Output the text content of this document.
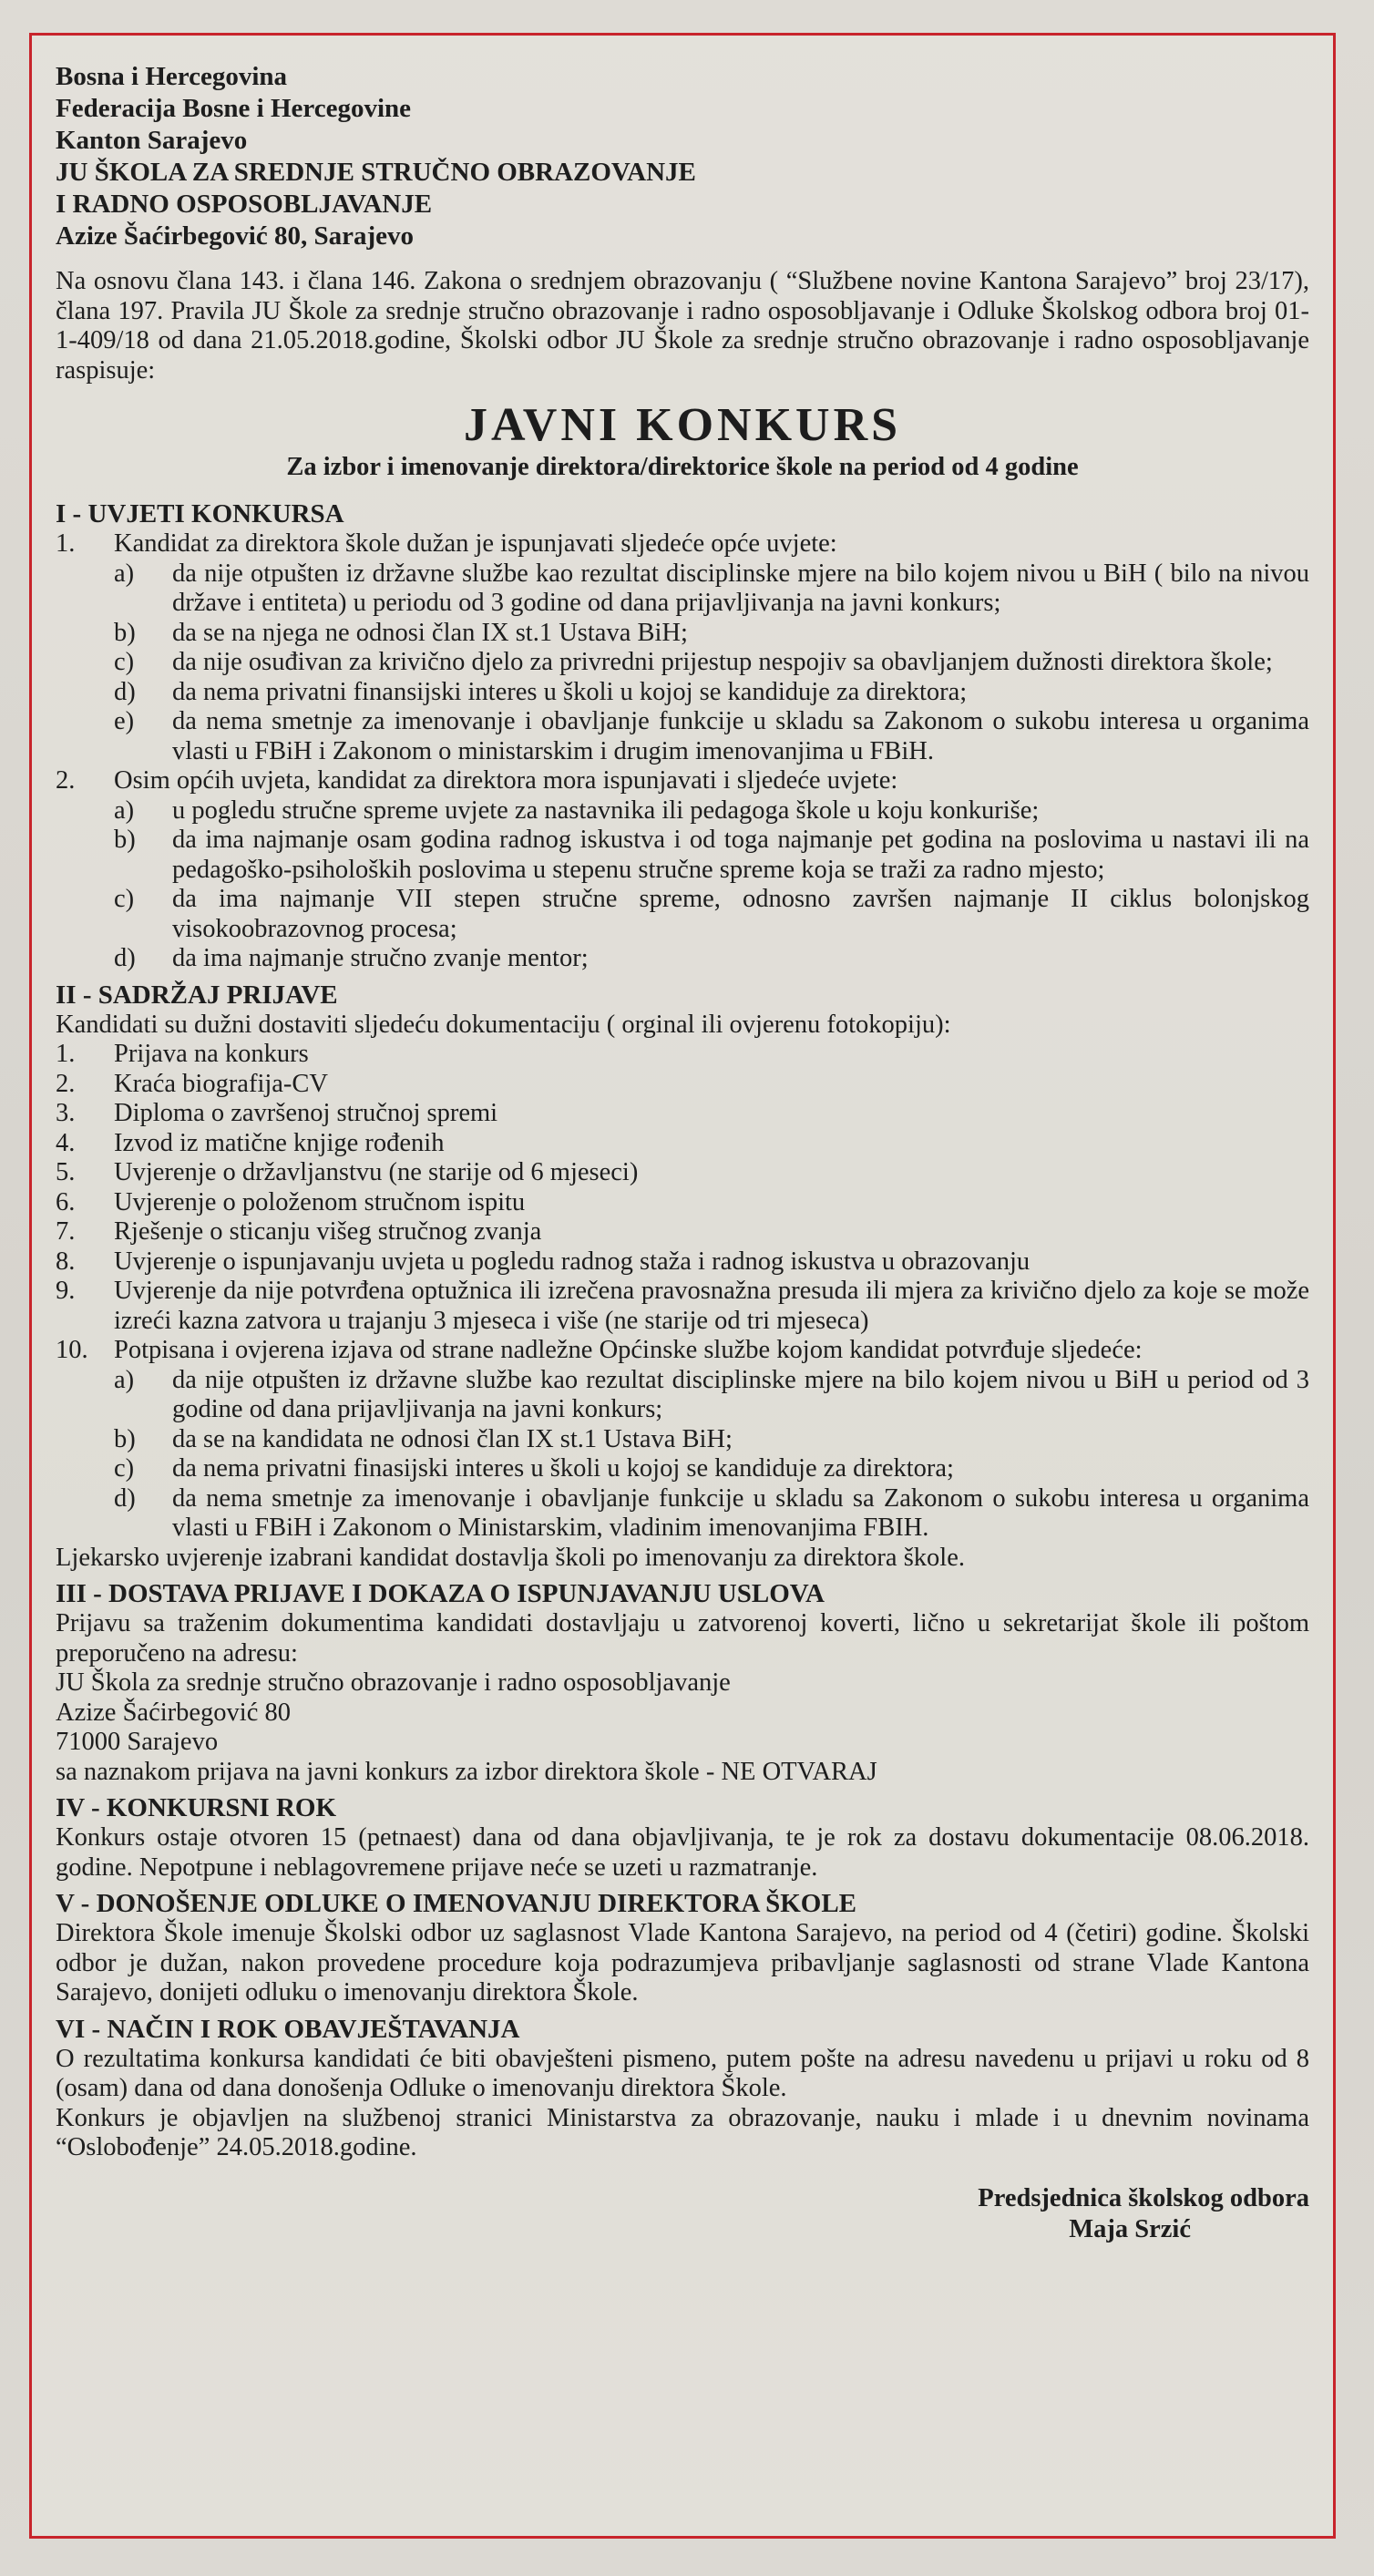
Bosna i Hercegovina
Federacija Bosne i Hercegovine
Kanton Sarajevo
JU ŠKOLA ZA SREDNJE STRUČNO OBRAZOVANJE
I RADNO OSPOSOBLJAVANJE
Azize Šaćirbegović 80, Sarajevo

Na osnovu člana 143. i člana 146. Zakona o srednjem obrazovanju ( “Službene novine Kantona Sarajevo” broj 23/17), člana 197. Pravila JU Škole za srednje stručno obrazovanje i radno osposobljavanje i Odluke Školskog odbora broj 01-1-409/18 od dana 21.05.2018.godine, Školski odbor JU Škole za srednje stručno obrazovanje i radno osposobljavanje raspisuje:

JAVNI KONKURS
Za izbor i imenovanje direktora/direktorice škole na period od 4 godine
I - UVJETI KONKURSA
1.	Kandidat za direktora škole dužan je ispunjavati sljedeće opće uvjete:
a)	da nije otpušten iz državne službe kao rezultat disciplinske mjere na bilo kojem nivou u BiH ( bilo na nivou države i entiteta) u periodu od 3 godine od dana prijavljivanja na javni konkurs;
b)	da se na njega ne odnosi član IX st.1 Ustava BiH;
c)	da nije osuđivan za krivično djelo za privredni prijestup nespojiv sa obavljanjem dužnosti direktora škole;
d)	da nema privatni finansijski interes u školi u kojoj se kandiduje za direktora;
e)	da nema smetnje za imenovanje i obavljanje funkcije u skladu sa Zakonom o sukobu interesa u organima vlasti u FBiH i Zakonom o ministarskim i drugim imenovanjima u FBiH.
2.	Osim općih uvjeta, kandidat za direktora mora ispunjavati i sljedeće uvjete:
a)	u pogledu stručne spreme uvjete za nastavnika ili pedagoga škole u koju konkuriše;
b)	da ima najmanje osam godina radnog iskustva i od toga najmanje pet godina na poslovima u nastavi ili na pedagoško-psiholoških poslovima u stepenu stručne spreme koja se traži za radno mjesto;
c)	da ima najmanje VII stepen stručne spreme, odnosno završen najmanje II ciklus bolonjskog visokoobrazovnog procesa;
d)	da ima najmanje stručno zvanje mentor;
II - SADRŽAJ PRIJAVE

Kandidati su dužni dostaviti sljedeću dokumentaciju ( orginal ili ovjerenu fotokopiju):

1.	Prijava na konkurs
2.	Kraća biografija-CV
3.	Diploma o završenoj stručnoj spremi
4.	Izvod iz matične knjige rođenih
5.	Uvjerenje o državljanstvu (ne starije od 6 mjeseci)
6.	Uvjerenje o položenom stručnom ispitu
7.	Rješenje o sticanju višeg stručnog zvanja
8.	Uvjerenje o ispunjavanju uvjeta u pogledu radnog staža i radnog iskustva u obrazovanju
9.	Uvjerenje da nije potvrđena optužnica ili izrečena pravosnažna presuda ili mjera za krivično djelo za koje se može izreći kazna zatvora u trajanju 3 mjeseca i više (ne starije od tri mjeseca)
10. Potpisana i ovjerena izjava od strane nadležne Općinske službe kojom kandidat potvrđuje sljedeće:
a)	da nije otpušten iz državne službe kao rezultat disciplinske mjere na bilo kojem nivou u BiH u period od 3 godine od dana prijavljivanja na javni konkurs;
b)	da se na kandidata ne odnosi član IX st.1 Ustava BiH;
c)	da nema privatni finasijski interes u školi u kojoj se kandiduje za direktora;
d)	da nema smetnje za imenovanje i obavljanje funkcije u skladu sa Zakonom o sukobu interesa u organima vlasti u FBiH i Zakonom o Ministarskim, vladinim imenovanjima FBIH.

Ljekarsko uvjerenje izabrani kandidat dostavlja školi po imenovanju za direktora škole.

III - DOSTAVA PRIJAVE I DOKAZA O ISPUNJAVANJU USLOVA

Prijavu sa traženim dokumentima kandidati dostavljaju u zatvorenoj koverti, lično u sekretarijat škole ili poštom preporučeno na adresu:

JU Škola za srednje stručno obrazovanje i radno osposobljavanje

Azize Šaćirbegović 80

71000 Sarajevo

sa naznakom prijava na javni konkurs za izbor direktora škole - NE OTVARAJ

IV - KONKURSNI ROK

Konkurs ostaje otvoren 15 (petnaest) dana od dana objavljivanja, te je rok za dostavu dokumentacije 08.06.2018. godine. Nepotpune i neblagovremene prijave neće se uzeti u razmatranje.

V - DONOŠENJE ODLUKE O IMENOVANJU DIREKTORA ŠKOLE

Direktora Škole imenuje Školski odbor uz saglasnost Vlade Kantona Sarajevo, na period od 4 (četiri) godine. Školski odbor je dužan, nakon provedene procedure koja podrazumjeva pribavljanje saglasnosti od strane Vlade Kantona Sarajevo, donijeti odluku o imenovanju direktora Škole.

VI - NAČIN I ROK OBAVJEŠTAVANJA

O rezultatima konkursa kandidati će biti obavješteni pismeno, putem pošte na adresu navedenu u prijavi u roku od 8 (osam) dana od dana donošenja Odluke o imenovanju direktora Škole.

Konkurs je objavljen na službenoj stranici Ministarstva za obrazovanje, nauku i mlade i u dnevnim novinama “Oslobođenje” 24.05.2018.godine.

Predsjednica školskog odbora
Maja Srzić
